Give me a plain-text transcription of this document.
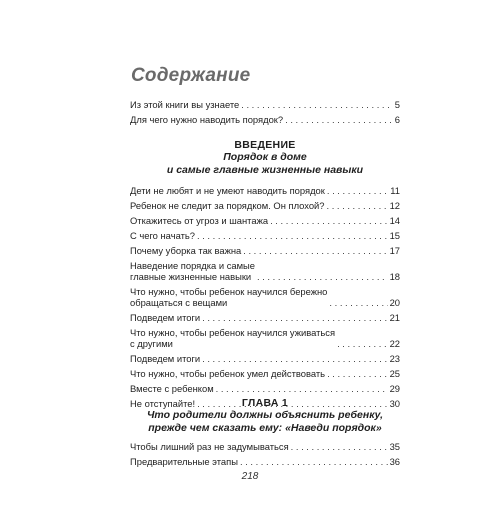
Содержание
Из этой книги вы узнаете . . .	5
Для чего нужно наводить порядок? . . .	6
ВВЕДЕНИЕ
Порядок в доме
и самые главные жизненные навыки
Дети не любят и не умеют наводить порядок . . .	11
Ребенок не следит за порядком. Он плохой? . . .	12
Откажитесь от угроз и шантажа . . .	14
С чего начать? . . .	15
Почему уборка так важна . . .	17
Наведение порядка и самые
главные жизненные навыки . . .	18
Что нужно, чтобы ребенок научился бережно
обращаться с вещами . . .	20
Подведем итоги . . .	21
Что нужно, чтобы ребенок научился уживаться
с другими . . .	22
Подведем итоги . . .	23
Что нужно, чтобы ребенок умел действовать . . .	25
Вместе с ребенком . . .	29
Не отступайте! . . .	30
ГЛАВА 1
Что родители должны объяснить ребенку,
прежде чем сказать ему: «Наведи порядок»
Чтобы лишний раз не задумываться . . .	35
Предварительные этапы . . .	36
218
